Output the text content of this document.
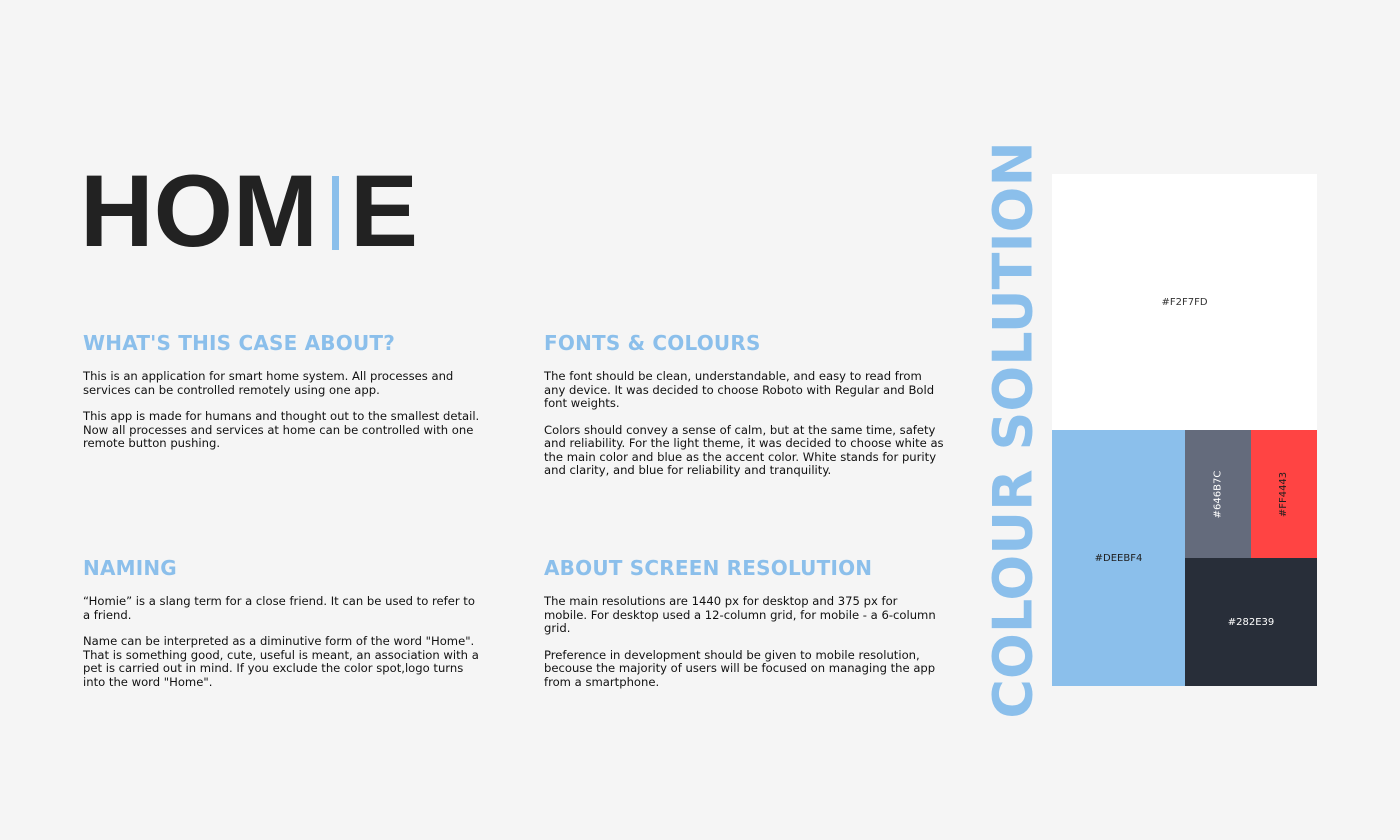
HOM E
WHAT'S THIS CASE ABOUT?

This is an application for smart home system. All processes and services can be controlled remotely using one app.

This app is made for humans and thought out to the smallest detail. Now all processes and services at home can be controlled with one remote button pushing.

FONTS & COLOURS

The font should be clean, understandable, and easy to read from any device. It was decided to choose Roboto with Regular and Bold font weights.

Colors should convey a sense of calm, but at the same time, safety and reliability. For the light theme, it was decided to choose white as the main color and blue as the accent color. White stands for purity and clarity, and blue for reliability and tranquility.

NAMING

“Homie” is a slang term for a close friend. It can be used to refer to a friend.

Name can be interpreted as a diminutive form of the word "Home". That is something good, cute, useful is meant, an association with a pet is carried out in mind. If you exclude the color spot,logo turns into the word "Home".

ABOUT SCREEN RESOLUTION

The main resolutions are 1440 px for desktop and 375 px for mobile. For desktop used a 12-column grid, for mobile - a 6-column grid.

Preference in development should be given to mobile resolution, becouse the majority of users will be focused on managing the app from a smartphone.	COLOUR SOLUTION	#F2F7FD
#DEEBF4
#646B7C	#FF4443
#282E39
